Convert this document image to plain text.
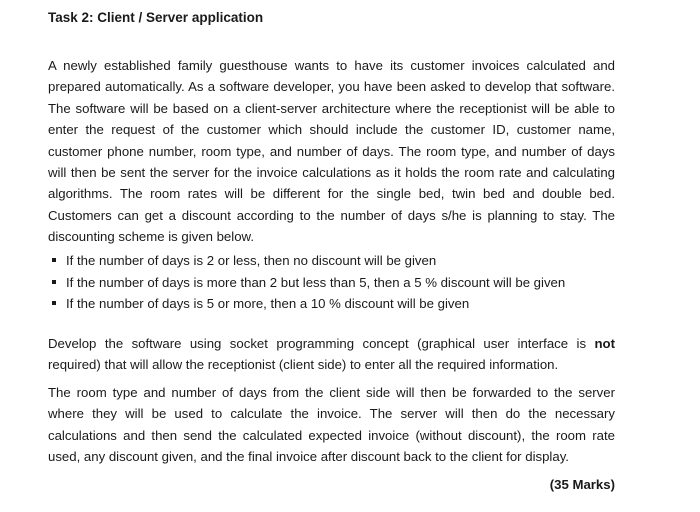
Task 2: Client / Server application

A newly established family guesthouse wants to have its customer invoices calculated and prepared automatically. As a software developer, you have been asked to develop that software. The software will be based on a client-server architecture where the receptionist will be able to enter the request of the customer which should include the customer ID, customer name, customer phone number, room type, and number of days. The room type, and number of days will then be sent the server for the invoice calculations as it holds the room rate and calculating algorithms. The room rates will be different for the single bed, twin bed and double bed. Customers can get a discount according to the number of days s/he is planning to stay. The discounting scheme is given below.

If the number of days is 2 or less, then no discount will be given
If the number of days is more than 2 but less than 5, then a 5 % discount will be given
If the number of days is 5 or more, then a 10 % discount will be given

Develop the software using socket programming concept (graphical user interface is not required) that will allow the receptionist (client side) to enter all the required information.

The room type and number of days from the client side will then be forwarded to the server where they will be used to calculate the invoice. The server will then do the necessary calculations and then send the calculated expected invoice (without discount), the room rate used, any discount given, and the final invoice after discount back to the client for display.

(35 Marks)
